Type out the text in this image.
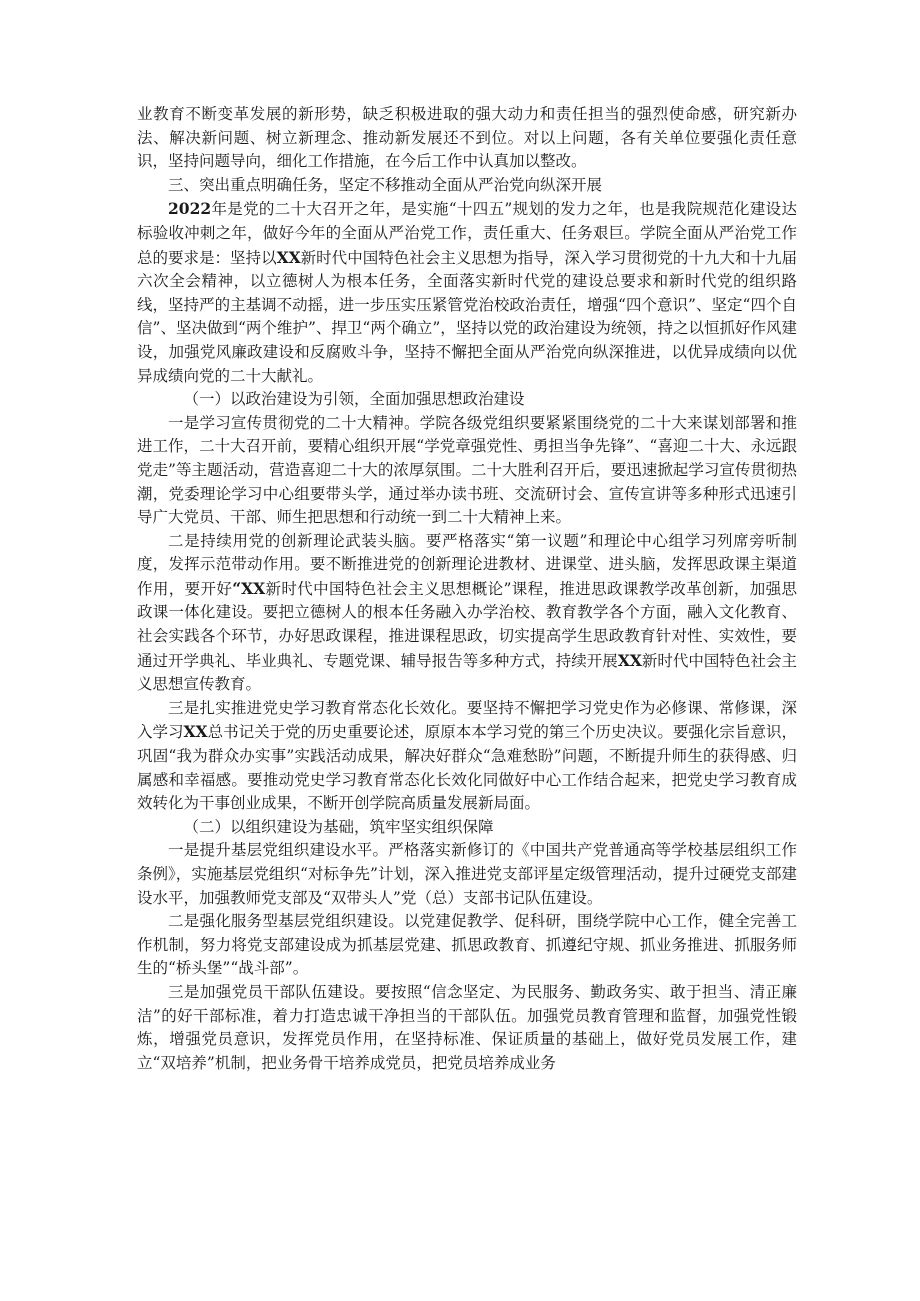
业教育不断变革发展的新形势，缺乏积极进取的强大动力和责任担当的强烈使命感，研究新办法、解决新问题、树立新理念、推动新发展还不到位。对以上问题，各有关单位要强化责任意识，坚持问题导向，细化工作措施，在今后工作中认真加以整改。

三、突出重点明确任务，坚定不移推动全面从严治党向纵深开展

2022年是党的二十大召开之年，是实施“十四五”规划的发力之年，也是我院规范化建设达标验收冲刺之年，做好今年的全面从严治党工作，责任重大、任务艰巨。学院全面从严治党工作总的要求是：坚持以XX新时代中国特色社会主义思想为指导，深入学习贯彻党的十九大和十九届六次全会精神，以立德树人为根本任务，全面落实新时代党的建设总要求和新时代党的组织路线，坚持严的主基调不动摇，进一步压实压紧管党治校政治责任，增强“四个意识”、坚定“四个自信”、坚决做到“两个维护”、捍卫“两个确立”，坚持以党的政治建设为统领，持之以恒抓好作风建设，加强党风廉政建设和反腐败斗争，坚持不懈把全面从严治党向纵深推进，以优异成绩向以优异成绩向党的二十大献礼。

（一）以政治建设为引领，全面加强思想政治建设

一是学习宣传贯彻党的二十大精神。学院各级党组织要紧紧围绕党的二十大来谋划部署和推进工作，二十大召开前，要精心组织开展“学党章强党性、勇担当争先锋”、“喜迎二十大、永远跟党走”等主题活动，营造喜迎二十大的浓厚氛围。二十大胜利召开后，要迅速掀起学习宣传贯彻热潮，党委理论学习中心组要带头学，通过举办读书班、交流研讨会、宣传宣讲等多种形式迅速引导广大党员、干部、师生把思想和行动统一到二十大精神上来。

二是持续用党的创新理论武装头脑。要严格落实“第一议题”和理论中心组学习列席旁听制度，发挥示范带动作用。要不断推进党的创新理论进教材、进课堂、进头脑，发挥思政课主渠道作用，要开好“XX新时代中国特色社会主义思想概论”课程，推进思政课教学改革创新，加强思政课一体化建设。要把立德树人的根本任务融入办学治校、教育教学各个方面，融入文化教育、社会实践各个环节，办好思政课程，推进课程思政，切实提高学生思政教育针对性、实效性，要通过开学典礼、毕业典礼、专题党课、辅导报告等多种方式，持续开展XX新时代中国特色社会主义思想宣传教育。

三是扎实推进党史学习教育常态化长效化。要坚持不懈把学习党史作为必修课、常修课，深入学习XX总书记关于党的历史重要论述，原原本本学习党的第三个历史决议。要强化宗旨意识，巩固“我为群众办实事”实践活动成果，解决好群众“急难愁盼”问题，不断提升师生的获得感、归属感和幸福感。要推动党史学习教育常态化长效化同做好中心工作结合起来，把党史学习教育成效转化为干事创业成果，不断开创学院高质量发展新局面。

（二）以组织建设为基础，筑牢坚实组织保障

一是提升基层党组织建设水平。严格落实新修订的《中国共产党普通高等学校基层组织工作条例》，实施基层党组织“对标争先”计划，深入推进党支部评星定级管理活动，提升过硬党支部建设水平，加强教师党支部及“双带头人”党（总）支部书记队伍建设。

二是强化服务型基层党组织建设。以党建促教学、促科研，围绕学院中心工作，健全完善工作机制，努力将党支部建设成为抓基层党建、抓思政教育、抓遵纪守规、抓业务推进、抓服务师生的“桥头堡”“战斗部”。

三是加强党员干部队伍建设。要按照“信念坚定、为民服务、勤政务实、敢于担当、清正廉洁”的好干部标准，着力打造忠诚干净担当的干部队伍。加强党员教育管理和监督，加强党性锻炼，增强党员意识，发挥党员作用，在坚持标准、保证质量的基础上，做好党员发展工作，建立“双培养”机制，把业务骨干培养成党员，把党员培养成业务
